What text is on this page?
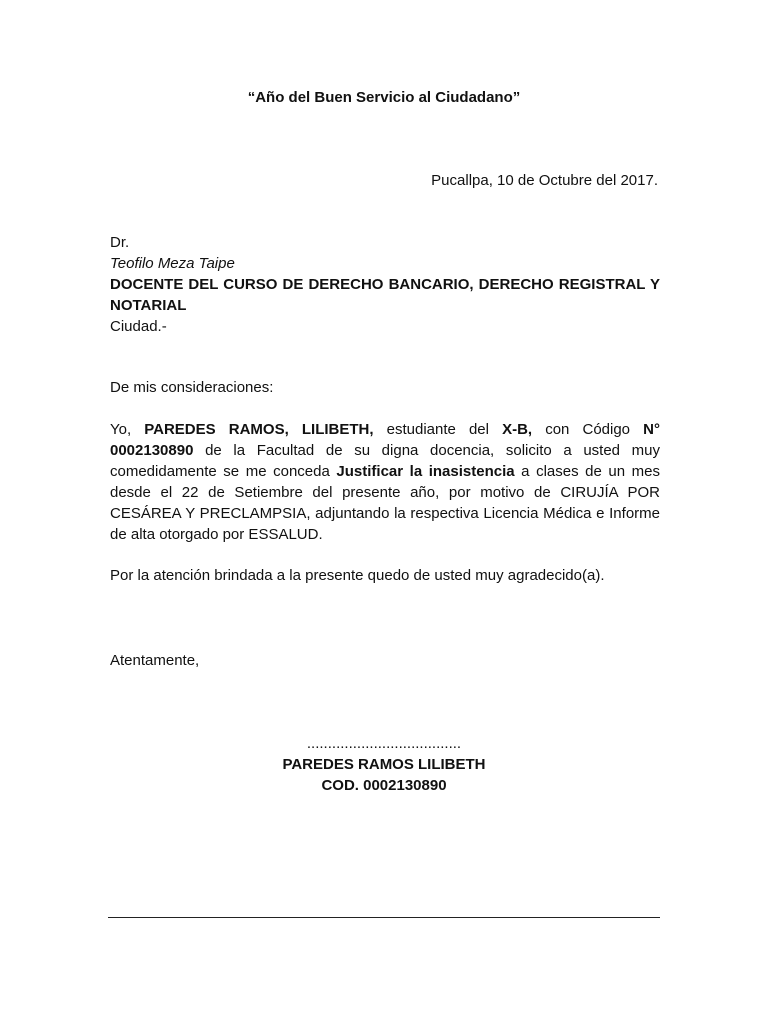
“Año del Buen Servicio al Ciudadano”
Pucallpa, 10 de Octubre del 2017.
Dr.
Teofilo Meza Taipe
DOCENTE DEL CURSO DE DERECHO BANCARIO, DERECHO REGISTRAL Y NOTARIAL
Ciudad.-
De mis consideraciones:
Yo, PAREDES RAMOS, LILIBETH, estudiante del X-B, con Código N° 0002130890 de la Facultad de su digna docencia, solicito a usted muy comedidamente se me conceda Justificar la inasistencia a clases de un mes desde el 22 de Setiembre del presente año, por motivo de CIRUJÍA POR CESÁREA Y PRECLAMPSIA, adjuntando la respectiva Licencia Médica e Informe de alta otorgado por ESSALUD.
Por la atención brindada a la presente quedo de usted muy agradecido(a).
Atentamente,
.....................................
PAREDES RAMOS LILIBETH
COD. 0002130890
